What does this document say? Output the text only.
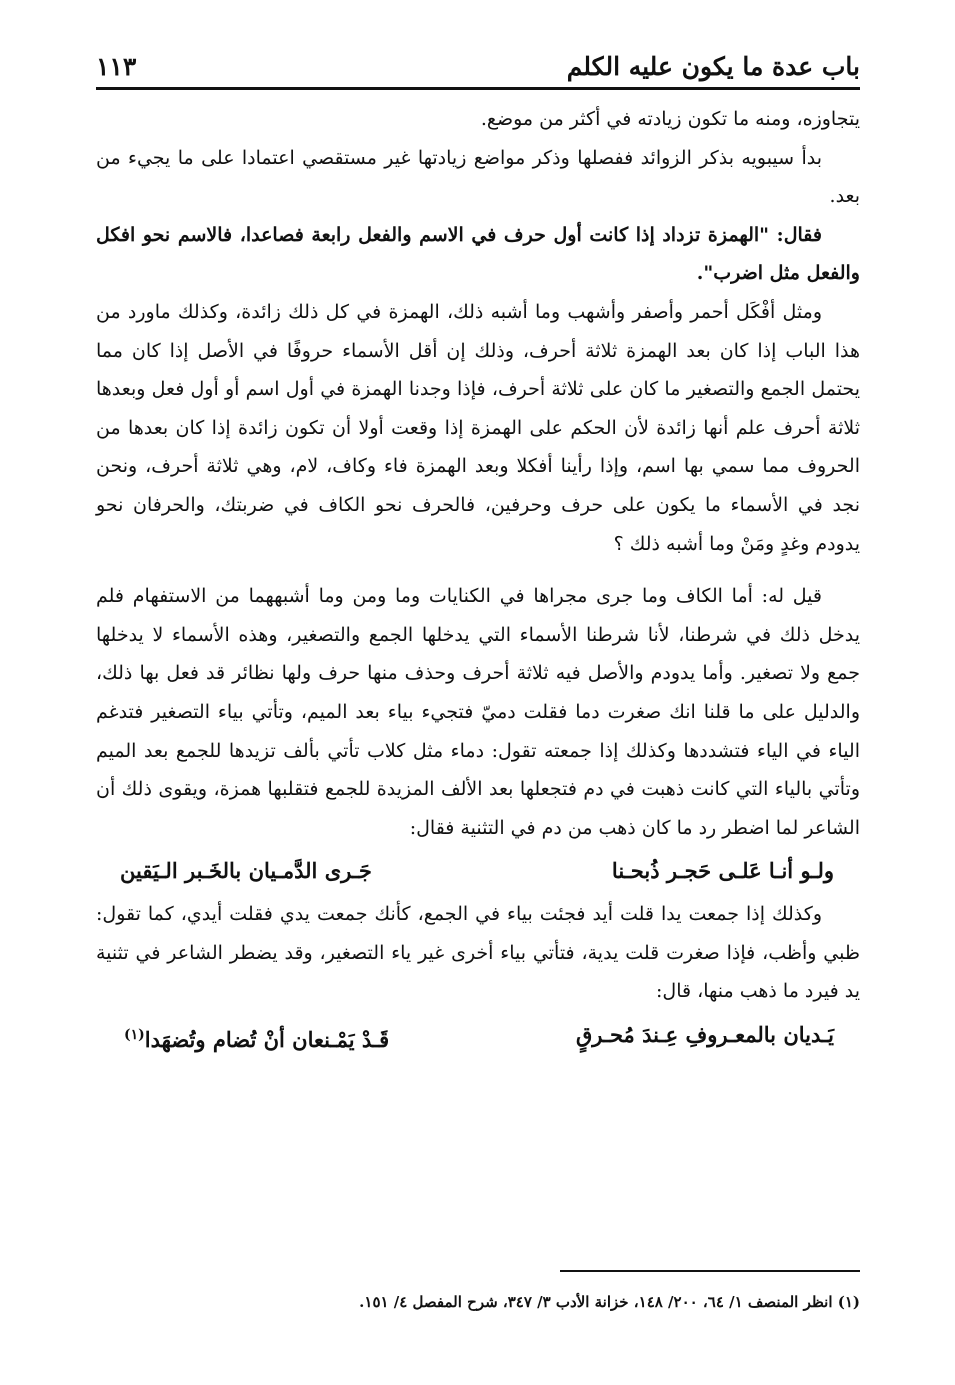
باب عدة ما يكون عليه الكلم
١١٣

يتجاوزه، ومنه ما تكون زيادته في أكثر من موضع.

بدأ سيبويه بذكر الزوائد ففصلها وذكر مواضع زيادتها غير مستقصي اعتمادا على ما يجيء من بعد.

فقال: "الهمزة تزداد إذا كانت أول حرف في الاسم والفعل رابعة فصاعدا، فالاسم نحو افكل والفعل مثل اضرب".

ومثل أفْكَل أحمر وأصفر وأشهب وما أشبه ذلك، الهمزة في كل ذلك زائدة، وكذلك ماورد من هذا الباب إذا كان بعد الهمزة ثلاثة أحرف، وذلك إن أقل الأسماء حروفًا في الأصل إذا كان مما يحتمل الجمع والتصغير ما كان على ثلاثة أحرف، فإذا وجدنا الهمزة في أول اسم أو أول فعل وبعدها ثلاثة أحرف علم أنها زائدة لأن الحكم على الهمزة إذا وقعت أولا أن تكون زائدة إذا كان بعدها من الحروف مما سمي بها اسم، وإذا رأينا أفكلا وبعد الهمزة فاء وكاف، لام، وهي ثلاثة أحرف، ونحن نجد في الأسماء ما يكون على حرف وحرفين، فالحرف نحو الكاف في ضربتك، والحرفان نحو يدودم وغدٍ ومَنْ وما أشبه ذلك ؟

قيل له: أما الكاف وما جرى مجراها في الكنايات وما ومن وما أشبههما من الاستفهام فلم يدخل ذلك في شرطنا، لأنا شرطنا الأسماء التي يدخلها الجمع والتصغير، وهذه الأسماء لا يدخلها جمع ولا تصغير. وأما يدودم والأصل فيه ثلاثة أحرف وحذف منها حرف ولها نظائر قد فعل بها ذلك، والدليل على ما قلنا انك صغرت دما فقلت دميّ فتجيء بياء بعد الميم، وتأتي بياء التصغير فتدغم الياء في الياء فتشددها وكذلك إذا جمعته تقول: دماء مثل كلاب تأتي بألف تزيدها للجمع بعد الميم وتأتي بالياء التي كانت ذهبت في دم فتجعلها بعد الألف المزيدة للجمع فتقلبها همزة، ويقوى ذلك أن الشاعر لما اضطر رد ما كان ذهب من دم في التثنية فقال:

ولـو أنـا عَلـى حَجـر ذُبحـنا
جَـرى الدَّمـيان بالخَـبر الـيَقين

وكذلك إذا جمعت يدا قلت أيد فجئت بياء في الجمع، كأنك جمعت يدي فقلت أيدي، كما تقول: ظبي وأظب، فإذا صغرت قلت يدية، فتأتي بياء أخرى غير ياء التصغير، وقد يضطر الشاعر في تثنية يد فيرد ما ذهب منها، قال:

يَـديان بالمعـروفِ عِـندَ مُحـرقٍ
قَـدْ يَمْـنعان أنْ تُضام وتُضهَدا$^{(١)}$
(١) انظر المنصف ١/ ٦٤، ٢٠٠/ ١٤٨، خزانة الأدب ٣/ ٣٤٧، شرح المفصل ٤/ ١٥١.
